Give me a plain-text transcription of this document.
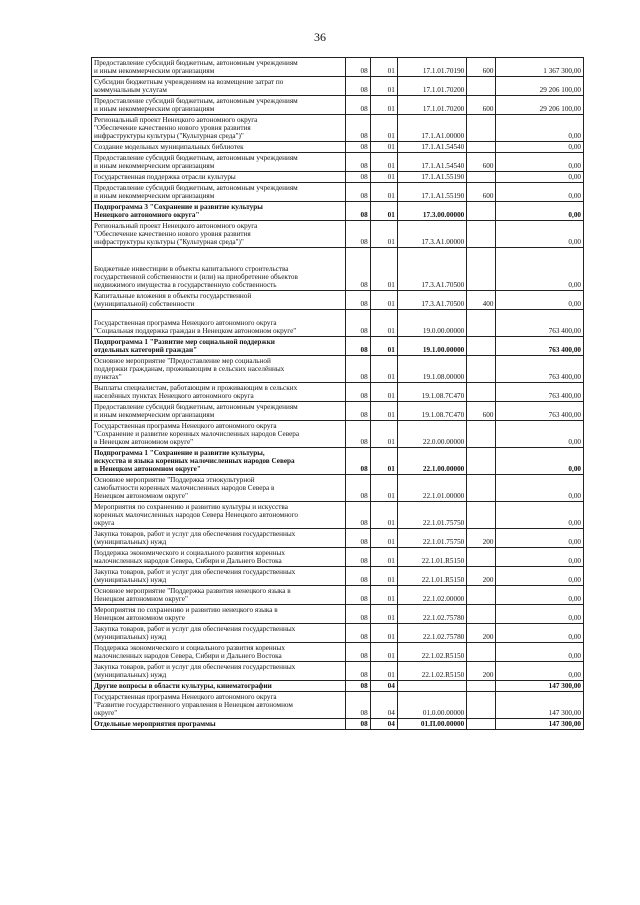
36
Предоставление субсидий бюджетным, автономным учреждениям
и иным некоммерческим организациям	08	01	17.1.01.70190	600	1 367 300,00
Субсидии бюджетным учреждениям на возмещение затрат по
коммунальным услугам	08	01	17.1.01.70200		29 206 100,00
Предоставление субсидий бюджетным, автономным учреждениям
и иным некоммерческим организациям	08	01	17.1.01.70200	600	29 206 100,00
Региональный проект Ненецкого автономного округа
"Обеспечение качественно нового уровня развития
инфраструктуры культуры ("Культурная среда")"	08	01	17.1.А1.00000		0,00
Создание модельных муниципальных библиотек	08	01	17.1.А1.54540		0,00
Предоставление субсидий бюджетным, автономным учреждениям
и иным некоммерческим организациям	08	01	17.1.А1.54540	600	0,00
Государственная поддержка отрасли культуры	08	01	17.1.А1.55190		0,00
Предоставление субсидий бюджетным, автономным учреждениям
и иным некоммерческим организациям	08	01	17.1.А1.55190	600	0,00
Подпрограмма 3 "Сохранение и развитие культуры
Ненецкого автономного округа"	08	01	17.3.00.00000		0,00
Региональный проект Ненецкого автономного округа
"Обеспечение качественно нового уровня развития
инфраструктуры культуры ("Культурная среда")"	08	01	17.3.А1.00000		0,00

Бюджетные инвестиции в объекты капитального строительства
государственной собственности и (или) на приобретение объектов
недвижимого имущества в государственную собственность	08	01	17.3.А1.70500		0,00
Капитальные вложения в объекты государственной
(муниципальной) собственности	08	01	17.3.А1.70500	400	0,00

Государственная программа Ненецкого автономного округа
"Социальная поддержка граждан в Ненецком автономном округе"	08	01	19.0.00.00000		763 400,00
Подпрограмма 1 "Развитие мер социальной поддержки
отдельных категорий граждан"	08	01	19.1.00.00000		763 400,00
Основное мероприятие "Предоставление мер социальной
поддержки гражданам, проживающим в сельских населённых
пунктах"	08	01	19.1.08.00000		763 400,00
Выплаты специалистам, работающим и проживающим в сельских
населённых пунктах Ненецкого автономного округа	08	01	19.1.08.7С470		763 400,00
Предоставление субсидий бюджетным, автономным учреждениям
и иным некоммерческим организациям	08	01	19.1.08.7С470	600	763 400,00
Государственная программа Ненецкого автономного округа
"Сохранение и развитие коренных малочисленных народов Севера
в Ненецком автономном округе"	08	01	22.0.00.00000		0,00
Подпрограмма 1 "Сохранение и развитие культуры,
искусства и языка коренных малочисленных народов Севера
в Ненецком автономном округе"	08	01	22.1.00.00000		0,00
Основное мероприятие "Поддержка этнокультурной
самобытности коренных малочисленных народов Севера в
Ненецком автономном округе"	08	01	22.1.01.00000		0,00
Мероприятия по сохранению и развитию культуры и искусства
коренных малочисленных народов Севера Ненецкого автономного
округа	08	01	22.1.01.75750		0,00
Закупка товаров, работ и услуг для обеспечения государственных
(муниципальных) нужд	08	01	22.1.01.75750	200	0,00
Поддержка экономического и социального развития коренных
малочисленных народов Севера, Сибири и Дальнего Востока	08	01	22.1.01.R5150		0,00
Закупка товаров, работ и услуг для обеспечения государственных
(муниципальных) нужд	08	01	22.1.01.R5150	200	0,00
Основное мероприятие "Поддержка развития ненецкого языка в
Ненецком автономном округе"	08	01	22.1.02.00000		0,00
Мероприятия по сохранению и развитию ненецкого языка в
Ненецком автономном округе	08	01	22.1.02.75780		0,00
Закупка товаров, работ и услуг для обеспечения государственных
(муниципальных) нужд	08	01	22.1.02.75780	200	0,00
Поддержка экономического и социального развития коренных
малочисленных народов Севера, Сибири и Дальнего Востока	08	01	22.1.02.R5150		0,00
Закупка товаров, работ и услуг для обеспечения государственных
(муниципальных) нужд	08	01	22.1.02.R5150	200	0,00
Другие вопросы в области культуры, кинематографии	08	04			147 300,00
Государственная программа Ненецкого автономного округа
"Развитие государственного управления в Ненецком автономном
округе"	08	04	01.0.00.00000		147 300,00
Отдельные мероприятия программы	08	04	01.П.00.00000		147 300,00
